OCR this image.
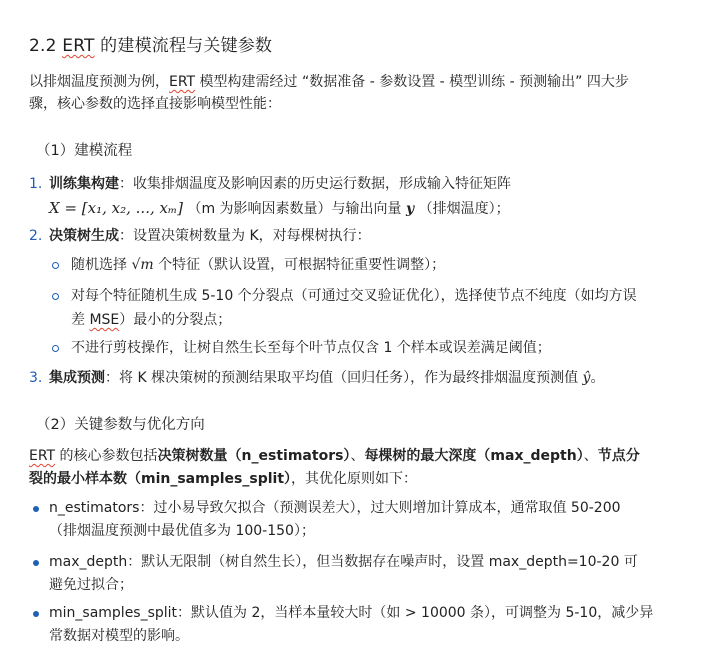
2.2 ERT 的建模流程与关键参数
以排烟温度预测为例，ERT 模型构建需经过 “数据准备 - 参数设置 - 模型训练 - 预测输出” 四大步
骤，核心参数的选择直接影响模型性能：
（1）建模流程
1. 训练集构建：收集排烟温度及影响因素的历史运行数据，形成输入特征矩阵
X = [x₁, x₂, ..., xₘ] （m 为影响因素数量）与输出向量 y （排烟温度）；
2. 决策树生成：设置决策树数量为 K，对每棵树执行：
随机选择 √m 个特征（默认设置，可根据特征重要性调整）；
对每个特征随机生成 5-10 个分裂点（可通过交叉验证优化），选择使节点不纯度（如均方误
差 MSE）最小的分裂点；
不进行剪枝操作，让树自然生长至每个叶节点仅含 1 个样本或误差满足阈值；
3. 集成预测：将 K 棵决策树的预测结果取平均值（回归任务），作为最终排烟温度预测值 ŷ。
（2）关键参数与优化方向
ERT 的核心参数包括决策树数量（n_estimators）、每棵树的最大深度（max_depth）、节点分
裂的最小样本数（min_samples_split），其优化原则如下：
n_estimators：过小易导致欠拟合（预测误差大），过大则增加计算成本，通常取值 50-200
（排烟温度预测中最优值多为 100-150）；
max_depth：默认无限制（树自然生长），但当数据存在噪声时，设置 max_depth=10-20 可
避免过拟合；
min_samples_split：默认值为 2，当样本量较大时（如 > 10000 条），可调整为 5-10，减少异
常数据对模型的影响。
